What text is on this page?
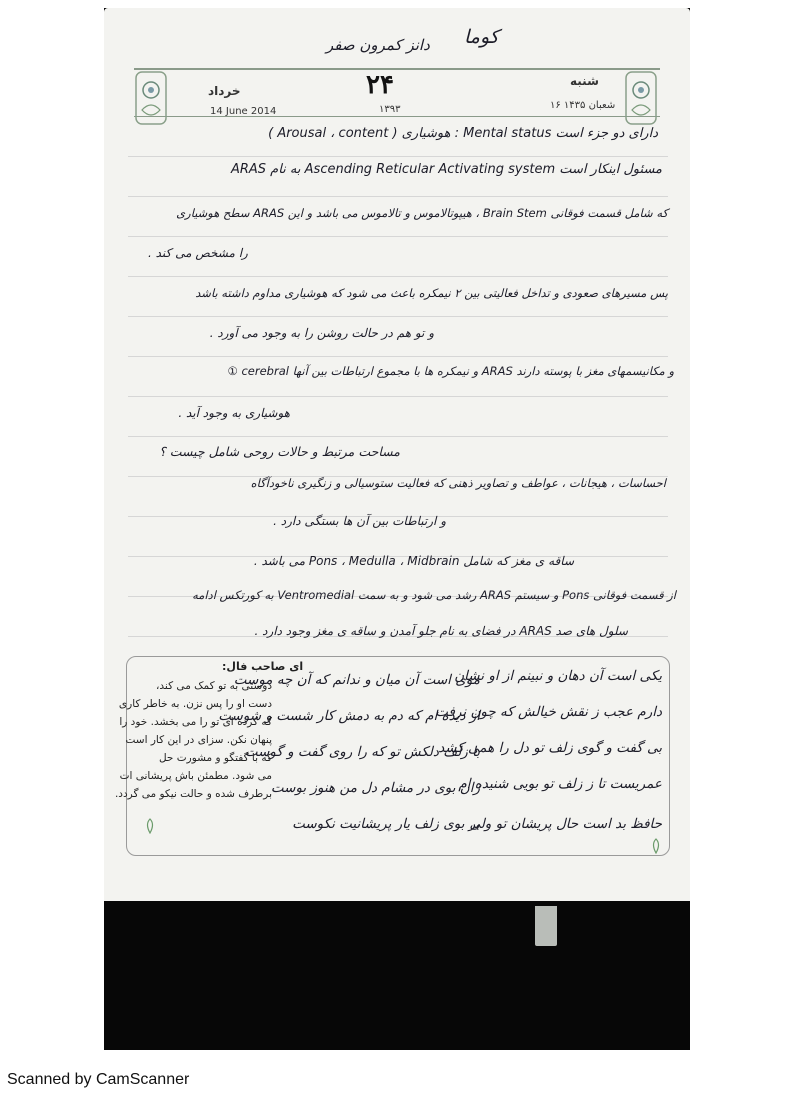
کوما
دانز کمرون صفر
شنبه
۱۶ شعبان ۱۴۳۵
۲۴
۱۳۹۳
خرداد
14 June 2014
( Arousal ، content ) هوشیاری : Mental status دارای دو جزء است
ARAS به نام Ascending Reticular Activating system مسئول اینکار است
که شامل قسمت فوقانی Brain Stem ، هیپوتالاموس و تالاموس می باشد و این ARAS سطح هوشیاری
را مشخص می کند .
پس مسیرهای صعودی و تداخل فعالیتی بین ۲ نیمکره باعث می شود که هوشیاری مداوم داشته باشد
و تو هم در حالت روشن را به وجود می آورد .
① cerebral و نیمکره ها با مجموع ارتباطات بین آنها ARAS و مکانیسمهای مغز با پوسته دارند
هوشیاری به وجود آید .
مساحت مرتبط و حالات روحی شامل چیست ؟
احساسات ، هیجانات ، عواطف و تصاویر ذهنی که فعالیت ستوسیالی و زنگیری ناخودآگاه
و ارتباطات بین آن ها بستگی دارد .
ساقه ی مغز که شامل Pons ، Medulla ، Midbrain می باشد .
از قسمت فوقانی Pons و سیستم ARAS رشد می شود و به سمت Ventromedial به کورتکس ادامه
سلول های صد ARAS در فضای به نام جلو آمدن و ساقه ی مغز وجود دارد .
یکی است آن دهان و نبینم از او نشان
دارم عجب ز نقش خیالش که چون نرفت
بی گفت و گوی زلف تو دل را همی کشد
عمریست تا ز زلف تو بویی شنیده ام
حافظ بد است حال پریشان تو ولی
موی است آن میان و ندانم که آن چه موست
از دیده ام که دم به دمش کار شست و شوست
با زلف دلکش تو که را روی گفت و گوست
زان بوی در مشام دل من هنوز بوست
بر بوی زلف یار پریشانیت نکوست
ای صاحب فال:
دوستی به تو کمک می کند،
دست او را پس نزن. به خاطر کاری
که کرده ای تو را می بخشد. خود را
پنهان نکن. سزای در این کار است
که با گفتگو و مشورت حل
می شود. مطمئن باش پریشانی ات
برطرف شده و حالت نیکو می گردد.
Scanned by CamScanner
